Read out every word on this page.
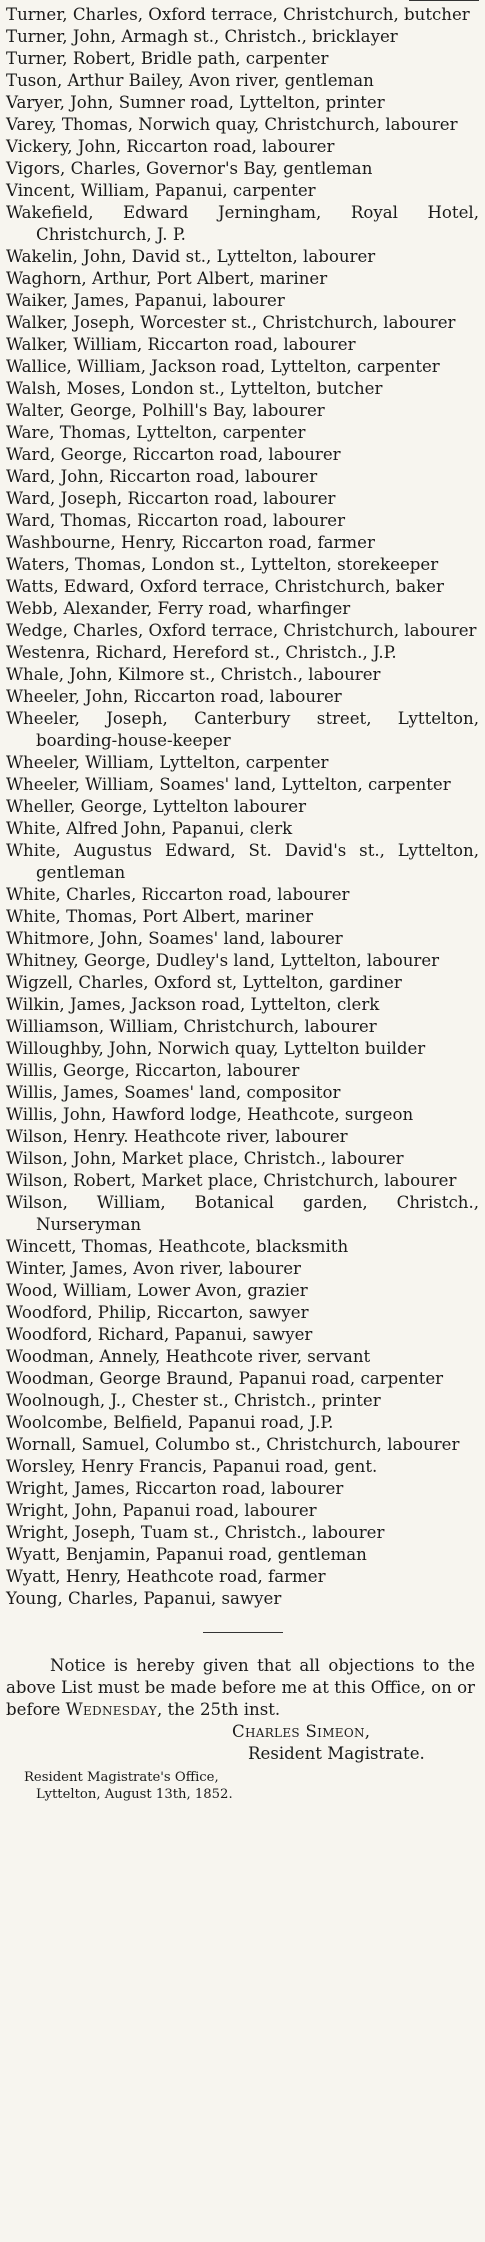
Turner, Charles, Oxford terrace, Christchurch, butcher
Turner, John, Armagh st., Christch., bricklayer
Turner, Robert, Bridle path, carpenter
Tuson, Arthur Bailey, Avon river, gentleman
Varyer, John, Sumner road, Lyttelton, printer
Varey, Thomas, Norwich quay, Christchurch, labourer
Vickery, John, Riccarton road, labourer
Vigors, Charles, Governor's Bay, gentleman
Vincent, William, Papanui, carpenter
Wakefield, Edward Jerningham, Royal Hotel, Christchurch, J. P.
Wakelin, John, David st., Lyttelton, labourer
Waghorn, Arthur, Port Albert, mariner
Waiker, James, Papanui, labourer
Walker, Joseph, Worcester st., Christchurch, labourer
Walker, William, Riccarton road, labourer
Wallice, William, Jackson road, Lyttelton, carpenter
Walsh, Moses, London st., Lyttelton, butcher
Walter, George, Polhill's Bay, labourer
Ware, Thomas, Lyttelton, carpenter
Ward, George, Riccarton road, labourer
Ward, John, Riccarton road, labourer
Ward, Joseph, Riccarton road, labourer
Ward, Thomas, Riccarton road, labourer
Washbourne, Henry, Riccarton road, farmer
Waters, Thomas, London st., Lyttelton, storekeeper
Watts, Edward, Oxford terrace, Christchurch, baker
Webb, Alexander, Ferry road, wharfinger
Wedge, Charles, Oxford terrace, Christchurch, labourer
Westenra, Richard, Hereford st., Christch., J.P.
Whale, John, Kilmore st., Christch., labourer
Wheeler, John, Riccarton road, labourer
Wheeler, Joseph, Canterbury street, Lyttelton, boarding-house-keeper
Wheeler, William, Lyttelton, carpenter
Wheeler, William, Soames' land, Lyttelton, carpenter
Wheller, George, Lyttelton labourer
White, Alfred John, Papanui, clerk
White, Augustus Edward, St. David's st., Lyttelton, gentleman
White, Charles, Riccarton road, labourer
White, Thomas, Port Albert, mariner
Whitmore, John, Soames' land, labourer
Whitney, George, Dudley's land, Lyttelton, labourer
Wigzell, Charles, Oxford st, Lyttelton, gardiner
Wilkin, James, Jackson road, Lyttelton, clerk
Williamson, William, Christchurch, labourer
Willoughby, John, Norwich quay, Lyttelton builder
Willis, George, Riccarton, labourer
Willis, James, Soames' land, compositor
Willis, John, Hawford lodge, Heathcote, surgeon
Wilson, Henry. Heathcote river, labourer
Wilson, John, Market place, Christch., labourer
Wilson, Robert, Market place, Christchurch, labourer
Wilson, William, Botanical garden, Christch., Nurseryman
Wincett, Thomas, Heathcote, blacksmith
Winter, James, Avon river, labourer
Wood, William, Lower Avon, grazier
Woodford, Philip, Riccarton, sawyer
Woodford, Richard, Papanui, sawyer
Woodman, Annely, Heathcote river, servant
Woodman, George Braund, Papanui road, carpenter
Woolnough, J., Chester st., Christch., printer
Woolcombe, Belfield, Papanui road, J.P.
Wornall, Samuel, Columbo st., Christchurch, labourer
Worsley, Henry Francis, Papanui road, gent.
Wright, James, Riccarton road, labourer
Wright, John, Papanui road, labourer
Wright, Joseph, Tuam st., Christch., labourer
Wyatt, Benjamin, Papanui road, gentleman
Wyatt, Henry, Heathcote road, farmer
Young, Charles, Papanui, sawyer

Notice is hereby given that all objections to the above List must be made before me at this Office, on or before Wednesday, the 25th inst.

Charles Simeon,
Resident Magistrate.
Resident Magistrate's Office,
Lyttelton, August 13th, 1852.
